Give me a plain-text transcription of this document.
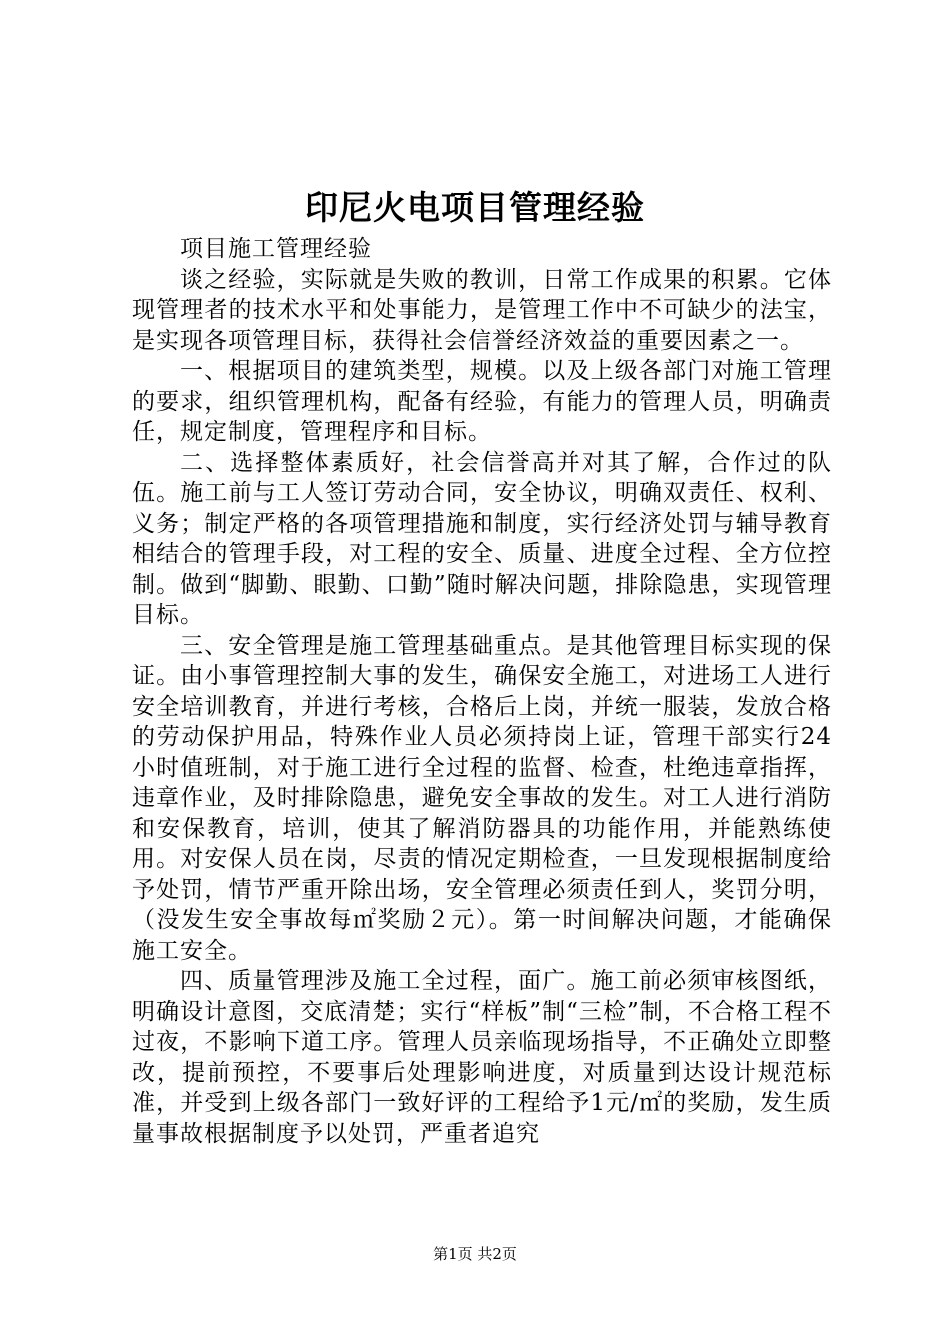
印尼火电项目管理经验

项目施工管理经验

谈之经验，实际就是失败的教训，日常工作成果的积累。它体现管理者的技术水平和处事能力，是管理工作中不可缺少的法宝，是实现各项管理目标，获得社会信誉经济效益的重要因素之一。

一、根据项目的建筑类型，规模。以及上级各部门对施工管理的要求，组织管理机构，配备有经验，有能力的管理人员，明确责任，规定制度，管理程序和目标。

二、选择整体素质好，社会信誉高并对其了解，合作过的队伍。施工前与工人签订劳动合同，安全协议，明确双责任、权利、义务；制定严格的各项管理措施和制度，实行经济处罚与辅导教育相结合的管理手段，对工程的安全、质量、进度全过程、全方位控制。做到“脚勤、眼勤、口勤”随时解决问题，排除隐患，实现管理目标。

三、安全管理是施工管理基础重点。是其他管理目标实现的保证。由小事管理控制大事的发生，确保安全施工，对进场工人进行安全培训教育，并进行考核，合格后上岗，并统一服装，发放合格的劳动保护用品，特殊作业人员必须持岗上证，管理干部实行24小时值班制，对于施工进行全过程的监督、检查，杜绝违章指挥，违章作业，及时排除隐患，避免安全事故的发生。对工人进行消防和安保教育，培训，使其了解消防器具的功能作用，并能熟练使用。对安保人员在岗，尽责的情况定期检查，一旦发现根据制度给予处罚，情节严重开除出场，安全管理必须责任到人，奖罚分明，（没发生安全事故每㎡奖励２元）。第一时间解决问题，才能确保施工安全。

四、质量管理涉及施工全过程，面广。施工前必须审核图纸，明确设计意图，交底清楚；实行“样板”制“三检”制，不合格工程不过夜，不影响下道工序。管理人员亲临现场指导，不正确处立即整改，提前预控，不要事后处理影响进度，对质量到达设计规范标准，并受到上级各部门一致好评的工程给予1元/㎡的奖励，发生质量事故根据制度予以处罚，严重者追究

第1页 共2页
